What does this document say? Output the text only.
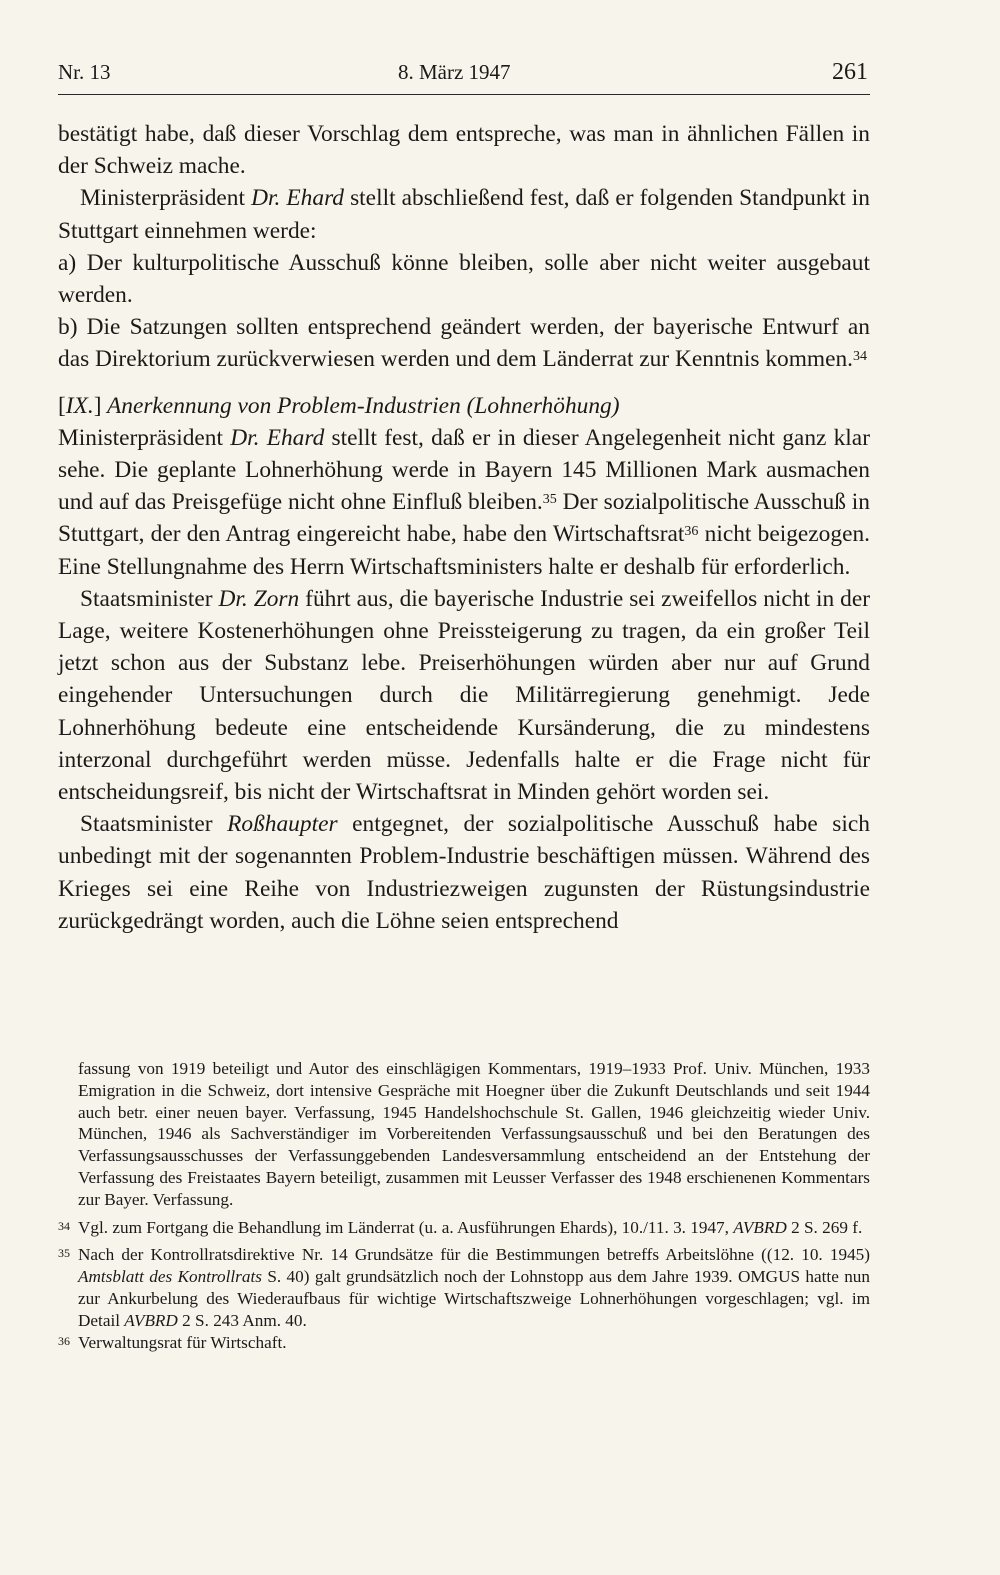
Nr. 13	8. März 1947	261

bestätigt habe, daß dieser Vorschlag dem entspreche, was man in ähnlichen Fällen in der Schweiz mache.

Ministerpräsident Dr. Ehard stellt abschließend fest, daß er folgenden Standpunkt in Stuttgart einnehmen werde:

a) Der kulturpolitische Ausschuß könne bleiben, solle aber nicht weiter ausgebaut werden.

b) Die Satzungen sollten entsprechend geändert werden, der bayerische Entwurf an das Direktorium zurückverwiesen werden und dem Länderrat zur Kenntnis kommen.$^{34}$

[IX.] Anerkennung von Problem-Industrien (Lohnerhöhung)

Ministerpräsident Dr. Ehard stellt fest, daß er in dieser Angelegenheit nicht ganz klar sehe. Die geplante Lohnerhöhung werde in Bayern 145 Millionen Mark ausmachen und auf das Preisgefüge nicht ohne Einfluß bleiben.$^{35}$ Der sozialpolitische Ausschuß in Stuttgart, der den Antrag eingereicht habe, habe den Wirtschaftsrat$^{36}$ nicht beigezogen. Eine Stellungnahme des Herrn Wirtschaftsministers halte er deshalb für erforderlich.

Staatsminister Dr. Zorn führt aus, die bayerische Industrie sei zweifellos nicht in der Lage, weitere Kostenerhöhungen ohne Preissteigerung zu tragen, da ein großer Teil jetzt schon aus der Substanz lebe. Preiserhöhungen würden aber nur auf Grund eingehender Untersuchungen durch die Militärregierung genehmigt. Jede Lohnerhöhung bedeute eine entscheidende Kursänderung, die zu mindestens interzonal durchgeführt werden müsse. Jedenfalls halte er die Frage nicht für entscheidungsreif, bis nicht der Wirtschaftsrat in Minden gehört worden sei.

Staatsminister Roßhaupter entgegnet, der sozialpolitische Ausschuß habe sich unbedingt mit der sogenannten Problem-Industrie beschäftigen müssen. Während des Krieges sei eine Reihe von Industriezweigen zugunsten der Rüstungsindustrie zurückgedrängt worden, auch die Löhne seien entsprechend

fassung von 1919 beteiligt und Autor des einschlägigen Kommentars, 1919–1933 Prof. Univ. München, 1933 Emigration in die Schweiz, dort intensive Gespräche mit Hoegner über die Zukunft Deutschlands und seit 1944 auch betr. einer neuen bayer. Verfassung, 1945 Handelshochschule St. Gallen, 1946 gleichzeitig wieder Univ. München, 1946 als Sachverständiger im Vorbereitenden Verfassungsausschuß und bei den Beratungen des Verfassungsausschusses der Verfassunggebenden Landesversammlung entscheidend an der Entstehung der Verfassung des Freistaates Bayern beteiligt, zusammen mit Leusser Verfasser des 1948 erschienenen Kommentars zur Bayer. Verfassung.

34 Vgl. zum Fortgang die Behandlung im Länderrat (u. a. Ausführungen Ehards), 10./11. 3. 1947, AVBRD 2 S. 269 f.
35 Nach der Kontrollratsdirektive Nr. 14 Grundsätze für die Bestimmungen betreffs Arbeitslöhne ((12. 10. 1945) Amtsblatt des Kontrollrats S. 40) galt grundsätzlich noch der Lohnstopp aus dem Jahre 1939. OMGUS hatte nun zur Ankurbelung des Wiederaufbaus für wichtige Wirtschaftszweige Lohnerhöhungen vorgeschlagen; vgl. im Detail AVBRD 2 S. 243 Anm. 40.
36 Verwaltungsrat für Wirtschaft.
